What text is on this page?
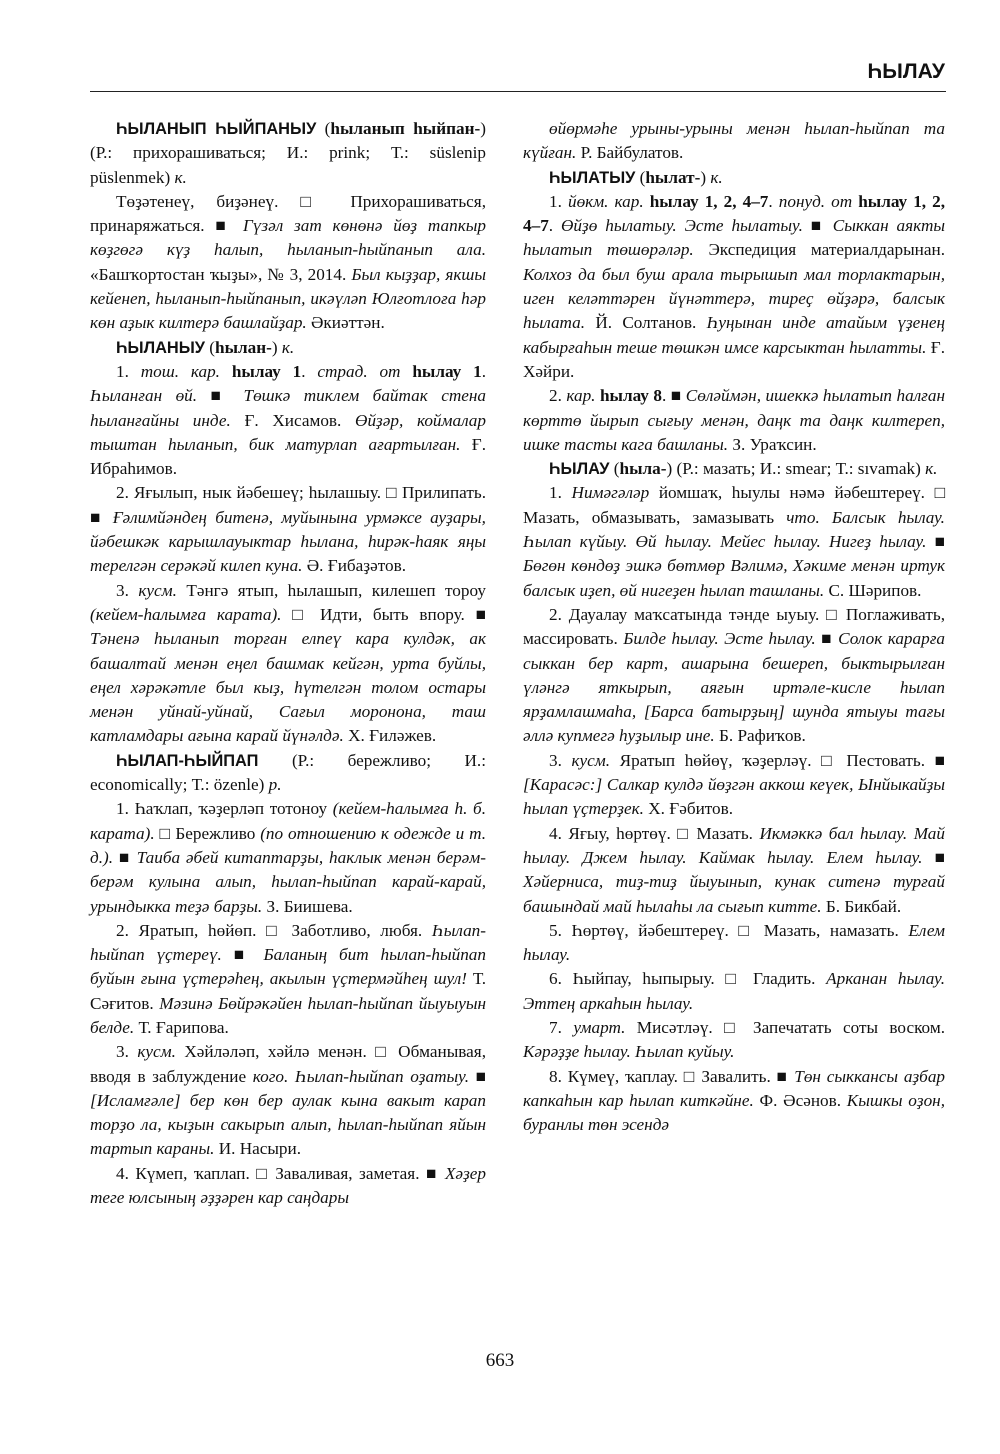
ҺЫЛАУ

ҺЫЛАНЫП ҺЫЙПАНЫУ (һыланып һыйпан-) (Р.: прихорашиваться; И.: prink; Т.: süslenip püslenmek) к.

Төҙәтенеү, биҙәнеү. □ Прихорашиваться, принаряжаться. ■ Гүзәл зат көнөнә йөҙ тапкыр көҙгөгә күҙ һалып, һыланып-һыйпанып ала. «Башҡортостан ҡыҙы», № 3, 2014. Был кыҙҙар, якшы кейенеп, һыланып-һыйпанып, икәүләп Юлғотлоға һәр көн аҙык килтерә башлайҙар. Әкиәттән.

ҺЫЛАНЫУ (һылан-) к.

1. тош. кар. һылау 1. страд. от һылау 1. Һыланған өй. ■ Төшкә тиклем байтак стена һыланғайны инде. Ғ. Хисамов. Өйҙәр, коймалар тыштан һыланып, бик матурлап ағартылған. Ғ. Ибраһимов.

2. Яғылып, нык йәбешеү; һылашыу. □ Прилипать. ■ Ғәлимйәндең битенә, муйынына урмәксе ауҙары, йәбешкәк карышлауыктар һылана, һирәк-һаяк яңы терелгән серәкәй килеп куна. Ә. Ғибаҙәтов.

3. кусм. Тәнгә ятып, һылашып, килешеп тороу (кейем-һалымға карата). □ Идти, быть впору. ■ Тәненә һыланып торған елпеү кара кулдәк, ак башалтай менән еңел башмак кейгән, урта буйлы, еңел хәрәкәтле был кыҙ, һүтелгән толом остары менән уйнай-уйнай, Сағыл моронона, таш катламдары ағына карай йүнәлдә. Х. Ғиләжев.

ҺЫЛАП-ҺЫЙПАП (Р.: бережливо; И.: economically; Т.: özenle) р.

1. Һаҡлап, ҡәҙерләп тотоноу (кейем-һалымға һ. б. карата). □ Бережливо (по отношению к одежде и т. д.). ■ Таиба әбей китаптарҙы, һаклык менән берәм-берәм кулына алып, һылап-һыйпап карай-карай, урындыкка теҙә барҙы. З. Биишева.

2. Яратып, һөйөп. □ Заботливо, любя. Һылап-һыйпап үҫтереү. ■ Баланың бит һылап-һыйпап буйын ғына үҫтерәһең, акылын үҫтермәйһең шул! Т. Сәғитов. Мәзинә Бөйрәкәйен һылап-һыйпап йыуыуын белде. Т. Ғарипова.

3. кусм. Хәйләләп, хәйлә менән. □ Обманывая, вводя в заблуждение кого. Һылап-һыйпап оҙатыу. ■ [Исламғәле] бер көн бер аулак кына вакыт карап торҙо ла, кыҙын сакырып алып, һылап-һыйпап яйын тартып караны. И. Насыри.

4. Күмеп, ҡаплап. □ Заваливая, заметая. ■ Хәҙер теге юлсының әҙҙәрен кар саңдары

өйөрмәһе урыны-урыны менән һылап-һыйпап та күйған. Р. Байбулатов.

ҺЫЛАТЫУ (һылат-) к.

1. йөкм. кар. һылау 1, 2, 4–7. понуд. от һылау 1, 2, 4–7. Өйҙө һылатыу. Эсте һылатыу. ■ Сыккан аякты һылатып төшөрәләр. Экспедиция материалдарынан. Колхоз да был буш арала тырышып мал торлактарын, иген келәттәрен йүнәттерә, тиреҫ өйҙәрә, балсык һылата. Й. Солтанов. Һуңынан инде атайым үҙенең кабырғаһын теше төшкән имсе карсыктан һылатты. Ғ. Хәйри.

2. кар. һылау 8. ■ Сөләймән, ишеккә һылатып һалған көрттө йырып сығыу менән, даңк та даңк килтереп, ишке тасты кага башланы. З. Ураҡсин.

ҺЫЛАУ (һыла-) (Р.: мазать; И.: smear; Т.: sıvamak) к.

1. Нимәгәләр йомшаҡ, һыулы нәмә йәбештереү. □ Мазать, обмазывать, замазывать что. Балсык һылау. Һылап күйыу. Өй һылау. Мейес һылау. Нигеҙ һылау. ■ Бөгөн көндөҙ эшкә бөтмөр Вәлимә, Хәкиме менән иртук балсык иҙеп, өй нигеҙен һылап ташланы. С. Шәрипов.

2. Дауалау маҡсатында тәнде ыуыу. □ Поглаживать, массировать. Билде һылау. Эсте һылау. ■ Солок карарға сыккан бер карт, ашарына бешереп, быктырылған үләнгә яткырып, аяғын иртәле-кисле һылап ярҙамлашмаһа, [Барса батырҙың] шунда ятыуы тағы әллә купмегә һуҙылыр ине. Б. Рафиҡов.

3. кусм. Яратып һөйөү, ҡәҙерләү. □ Пестовать. ■ [Карасәс:] Салкар кулдә йөҙгән аккош кеүек, Ынйыкайҙы һылап үҫтерҙек. Х. Ғәбитов.

4. Яғыу, һөртөү. □ Мазать. Икмәккә бал һылау. Май һылау. Джем һылау. Каймак һылау. Елем һылау. ■ Хәйерниса, тиҙ-тиҙ йыуынып, кунак ситенә турғай башындай май һылаһы ла сығып китте. Б. Бикбай.

5. Һөртөү, йәбештереү. □ Мазать, намазать. Елем һылау.

6. Һыйпау, һыпырыу. □ Гладить. Арканан һылау. Эттең аркаһын һылау.

7. умарт. Мисәтләү. □ Запечатать соты воском. Кәрәҙҙе һылау. Һылап куйыу.

8. Күмеү, ҡаплау. □ Завалить. ■ Төн сыккансы аҙбар капкаһын кар һылап киткәйне. Ф. Әсәнов. Кышкы оҙон, буранлы төн эсендә

663
